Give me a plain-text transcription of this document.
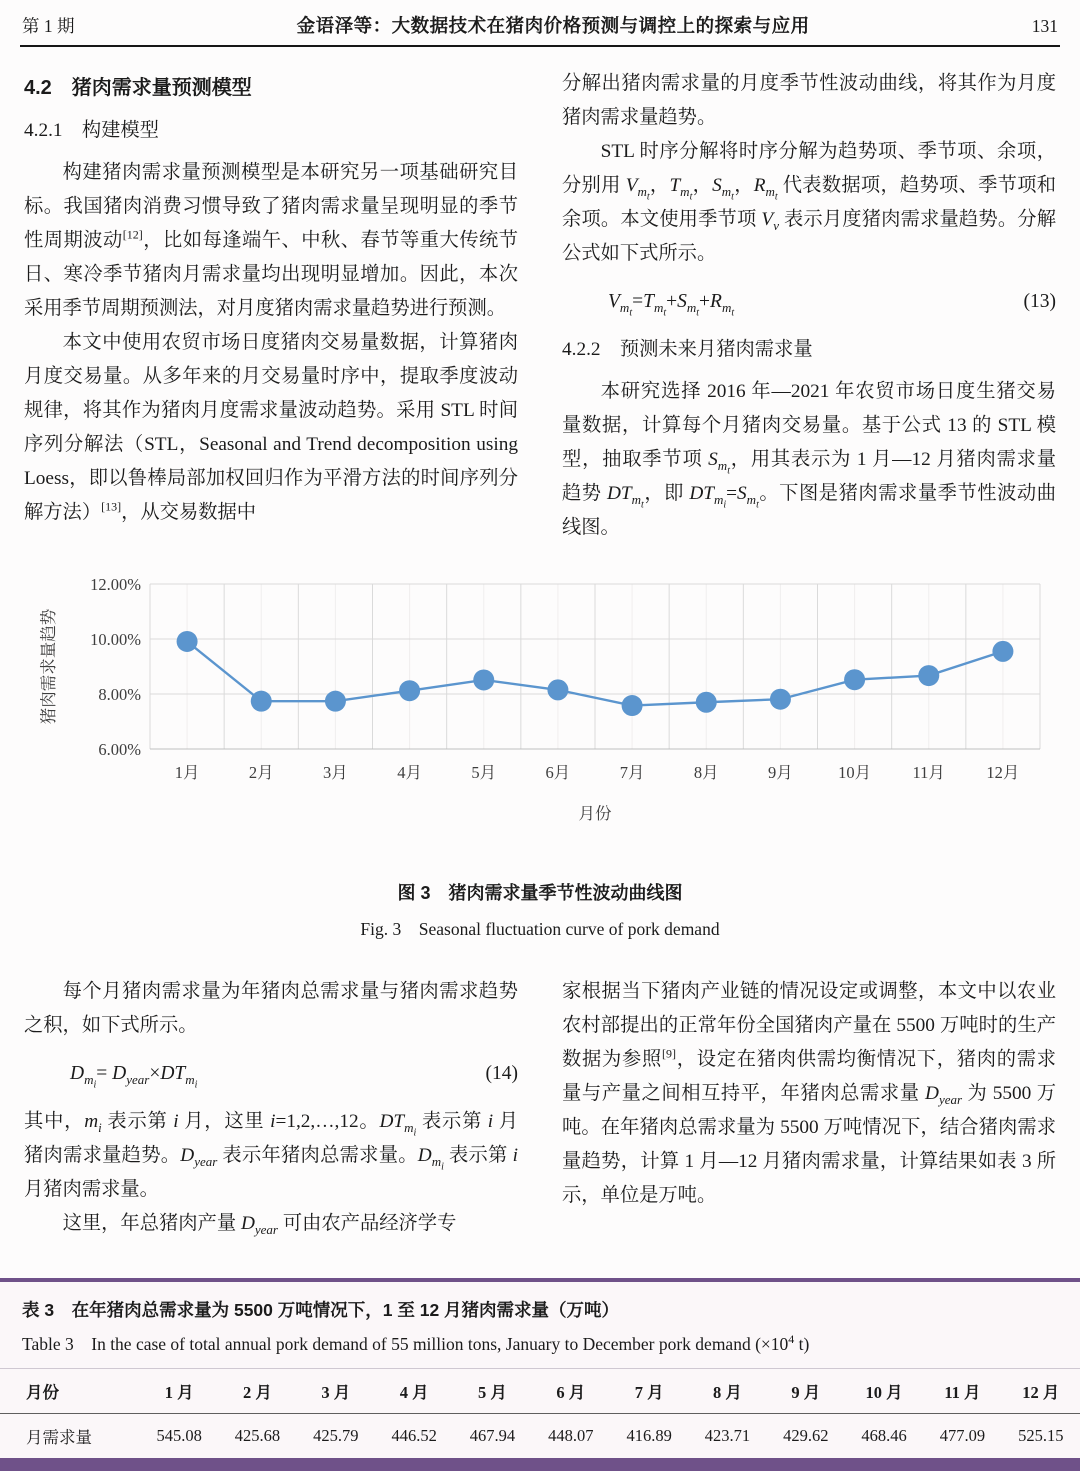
第 1 期	金语泽等：大数据技术在猪肉价格预测与调控上的探索与应用	131
4.2　猪肉需求量预测模型
4.2.1　构建模型

构建猪肉需求量预测模型是本研究另一项基础研究目标。我国猪肉消费习惯导致了猪肉需求量呈现明显的季节性周期波动[12]，比如每逢端午、中秋、春节等重大传统节日、寒冷季节猪肉月需求量均出现明显增加。因此，本次采用季节周期预测法，对月度猪肉需求量趋势进行预测。

本文中使用农贸市场日度猪肉交易量数据，计算猪肉月度交易量。从多年来的月交易量时序中，提取季度波动规律，将其作为猪肉月度需求量波动趋势。采用 STL 时间序列分解法（STL，Seasonal and Trend decomposition using Loess，即以鲁棒局部加权回归作为平滑方法的时间序列分解方法）[13]，从交易数据中

分解出猪肉需求量的月度季节性波动曲线，将其作为月度猪肉需求量趋势。

STL 时序分解将时序分解为趋势项、季节项、余项，分别用 $V_{m_t}$，$T_{m_t}$，$S_{m_t}$，$R_{m_t}$ 代表数据项，趋势项、季节项和余项。本文使用季节项 $V_v$ 表示月度猪肉需求量趋势。分解公式如下式所示。

$V_{m_t}=T_{m_t}+S_{m_t}+R_{m_t}$
(13)
4.2.2　预测未来月猪肉需求量

本研究选择 2016 年—2021 年农贸市场日度生猪交易量数据，计算每个月猪肉交易量。基于公式 13 的 STL 模型，抽取季节项 $S_{m_t}$，用其表示为 1 月—12 月猪肉需求量趋势 $DT_{m_t}$，即 $DT_{m_i}=S_{m_t}$。下图是猪肉需求量季节性波动曲线图。

12.00%
10.00%
8.00%
6.00%
1月	2月	3月	4月	5月	6月	7月	8月	9月	10月	11月	12月
月份
猪肉需求量趋势
图 3　猪肉需求量季节性波动曲线图
Fig. 3　Seasonal fluctuation curve of pork demand

每个月猪肉需求量为年猪肉总需求量与猪肉需求趋势之积，如下式所示。

$D_{m_i}= D_{year}\times DT_{m_i}$
(14)

其中，$m_i$ 表示第 i 月，这里 i=1,2,…,12。$DT_{m_i}$ 表示第 i 月猪肉需求量趋势。$D_{year}$ 表示年猪肉总需求量。$D_{m_i}$ 表示第 i 月猪肉需求量。

这里，年总猪肉产量 $D_{year}$ 可由农产品经济学专

家根据当下猪肉产业链的情况设定或调整，本文中以农业农村部提出的正常年份全国猪肉产量在 5500 万吨时的生产数据为参照[9]，设定在猪肉供需均衡情况下，猪肉的需求量与产量之间相互持平，年猪肉总需求量 $D_{year}$ 为 5500 万吨。在年猪肉总需求量为 5500 万吨情况下，结合猪肉需求量趋势，计算 1 月—12 月猪肉需求量，计算结果如表 3 所示，单位是万吨。

表 3　在年猪肉总需求量为 5500 万吨情况下，1 至 12 月猪肉需求量（万吨）
Table 3　In the case of total annual pork demand of 55 million tons, January to December pork demand ($\times 10^4$ t)
月份	1 月	2 月	3 月	4 月	5 月	6 月	7 月	8 月	9 月	10 月	11 月	12 月
月需求量	545.08	425.68	425.79	446.52	467.94	448.07	416.89	423.71	429.62	468.46	477.09	525.15
